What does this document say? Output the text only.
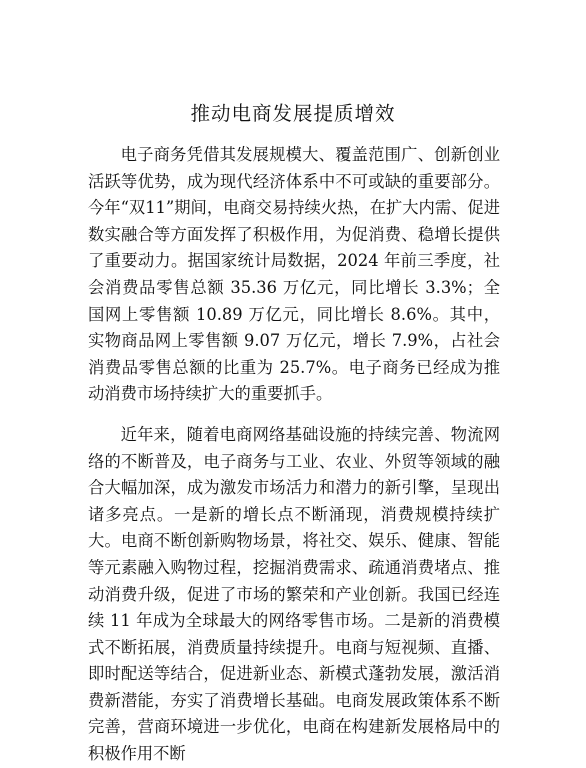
推动电商发展提质增效

电子商务凭借其发展规模大、覆盖范围广、创新创业活跃等优势，成为现代经济体系中不可或缺的重要部分。今年“双11”期间，电商交易持续火热，在扩大内需、促进数实融合等方面发挥了积极作用，为促消费、稳增长提供了重要动力。据国家统计局数据，2024 年前三季度，社会消费品零售总额 35.36 万亿元，同比增长 3.3%；全国网上零售额 10.89 万亿元，同比增长 8.6%。其中，实物商品网上零售额 9.07 万亿元，增长 7.9%，占社会消费品零售总额的比重为 25.7%。电子商务已经成为推动消费市场持续扩大的重要抓手。

近年来，随着电商网络基础设施的持续完善、物流网络的不断普及，电子商务与工业、农业、外贸等领域的融合大幅加深，成为激发市场活力和潜力的新引擎，呈现出诸多亮点。一是新的增长点不断涌现，消费规模持续扩大。电商不断创新购物场景，将社交、娱乐、健康、智能等元素融入购物过程，挖掘消费需求、疏通消费堵点、推动消费升级，促进了市场的繁荣和产业创新。我国已经连续 11 年成为全球最大的网络零售市场。二是新的消费模式不断拓展，消费质量持续提升。电商与短视频、直播、即时配送等结合，促进新业态、新模式蓬勃发展，激活消费新潜能，夯实了消费增长基础。电商发展政策体系不断完善，营商环境进一步优化，电商在构建新发展格局中的积极作用不断
